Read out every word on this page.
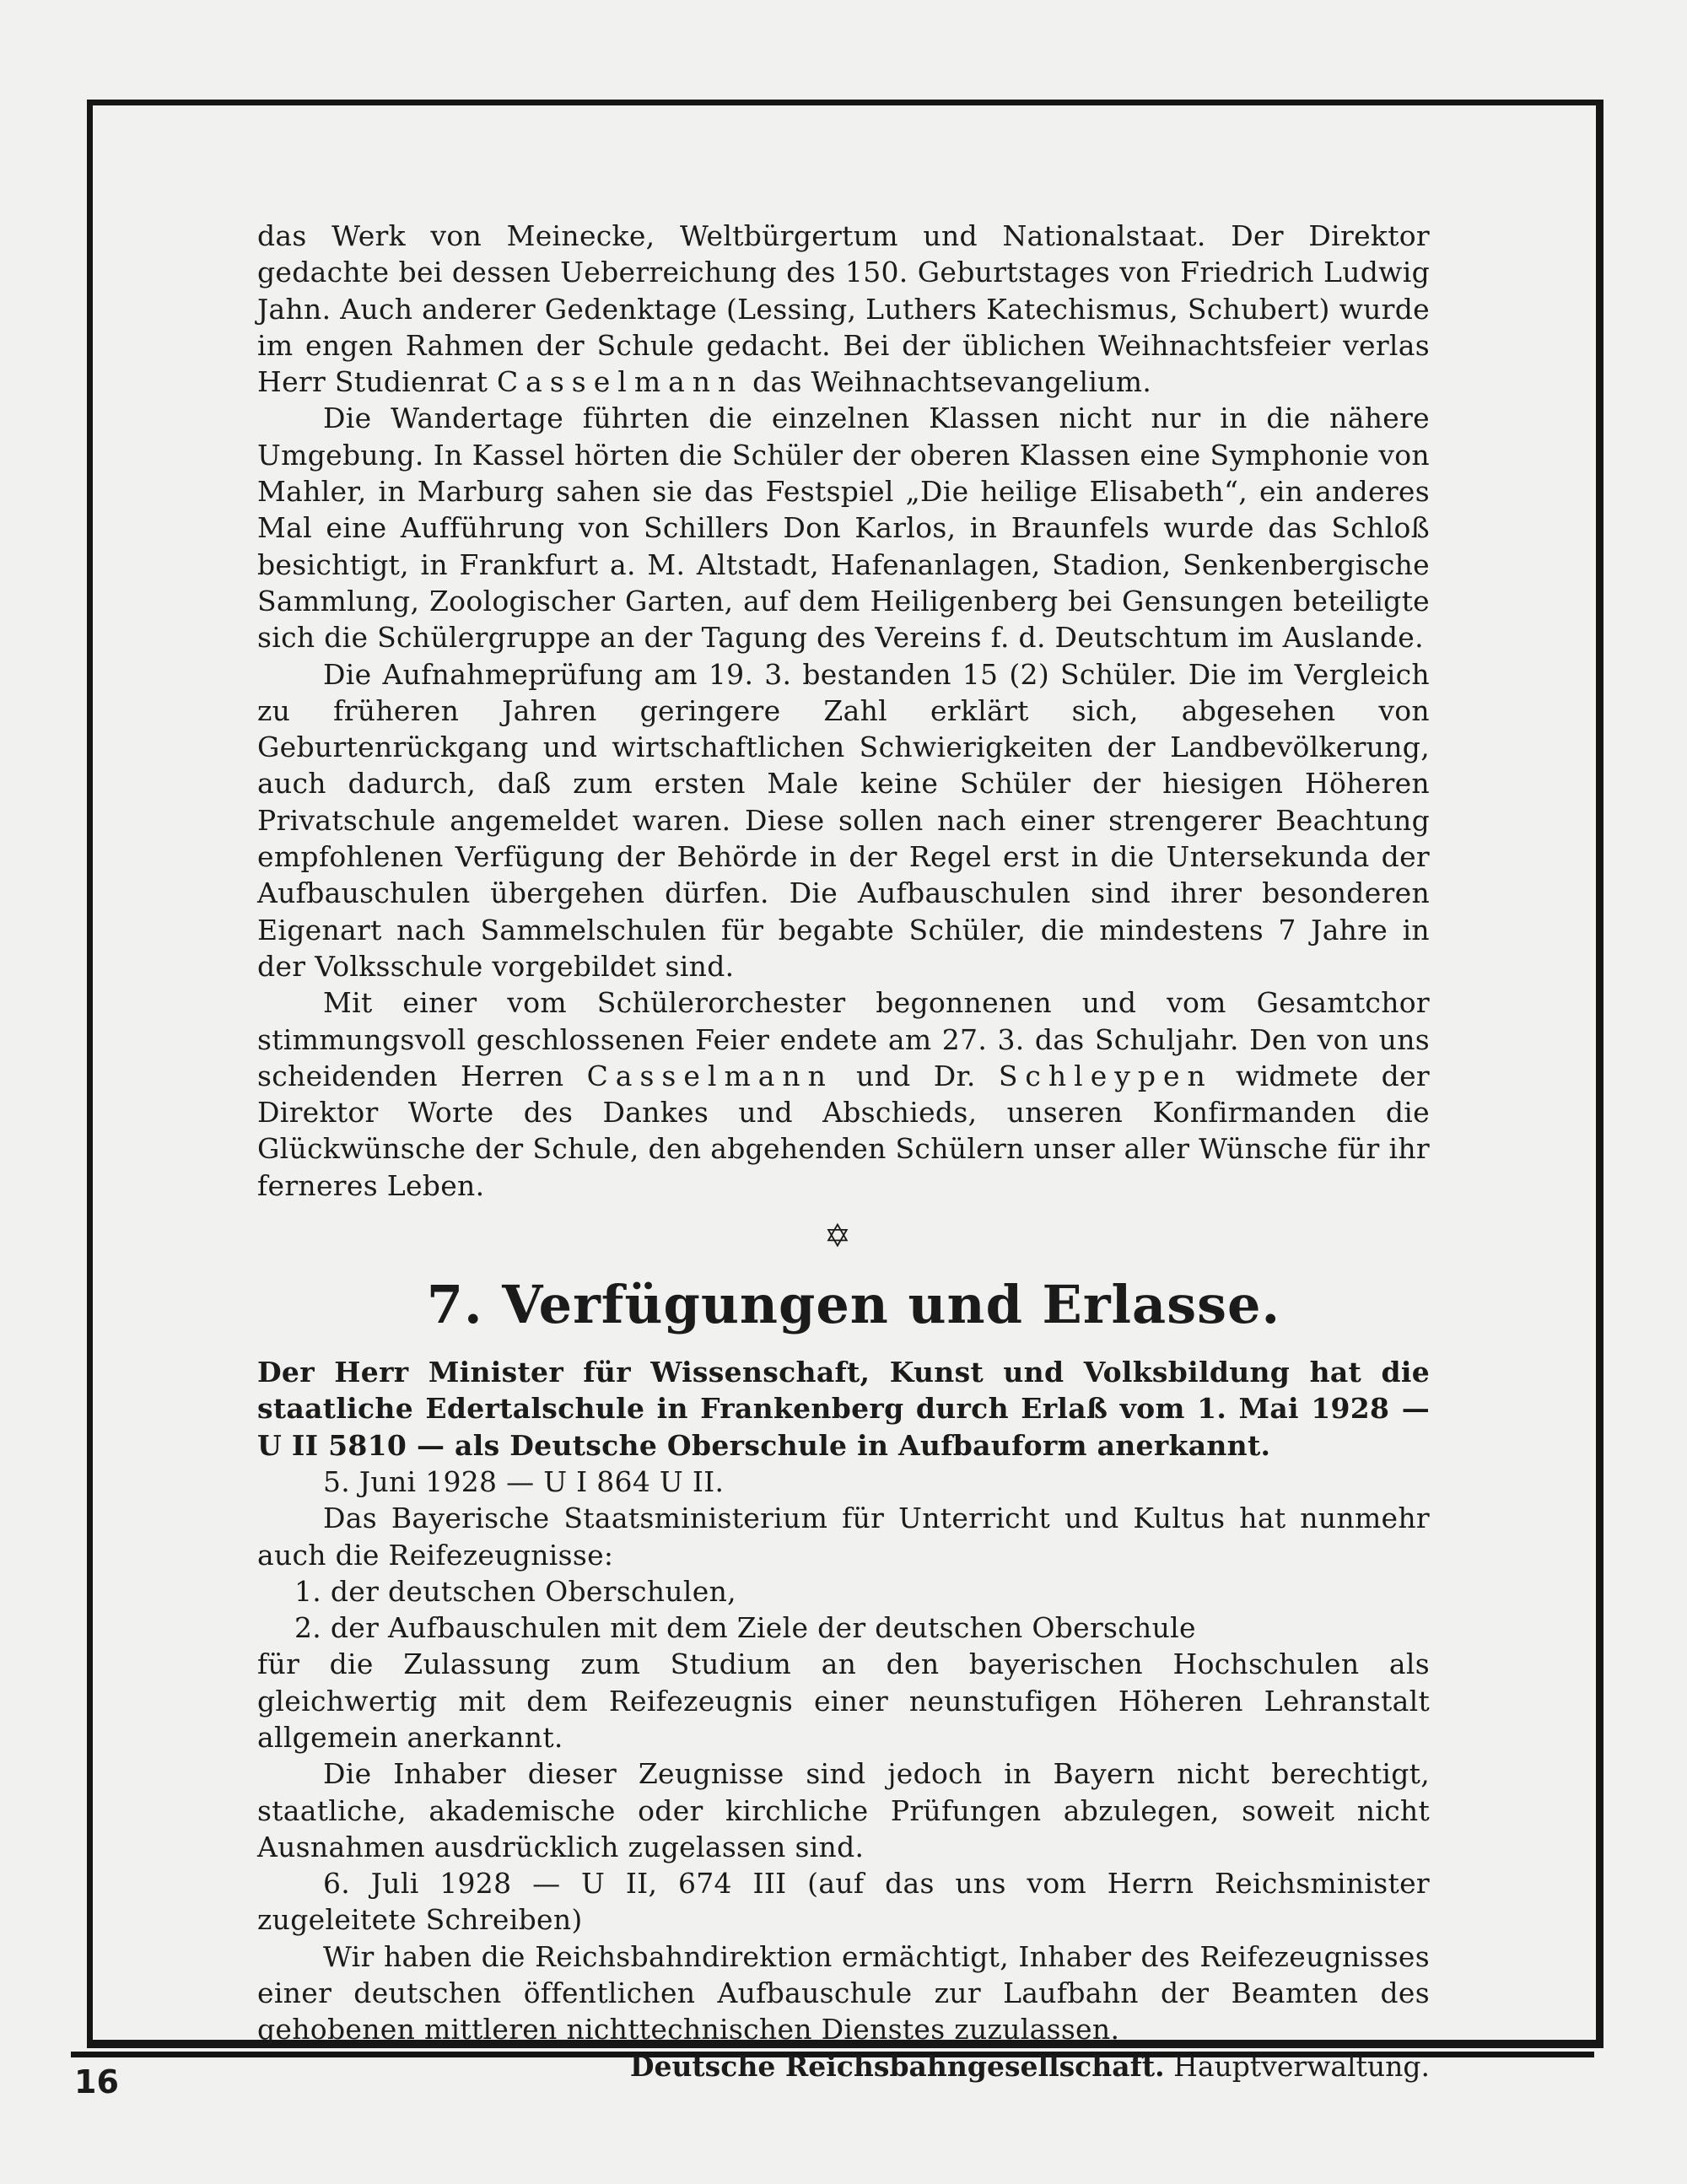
das Werk von Meinecke, Weltbürgertum und Nationalstaat. Der Direktor gedachte bei dessen Ueberreichung des 150. Geburtstages von Friedrich Ludwig Jahn. Auch anderer Gedenktage (Lessing, Luthers Katechismus, Schubert) wurde im engen Rahmen der Schule gedacht. Bei der üblichen Weihnachtsfeier verlas Herr Studienrat Casselmann das Weihnachtsevangelium.

Die Wandertage führten die einzelnen Klassen nicht nur in die nähere Umgebung. In Kassel hörten die Schüler der oberen Klassen eine Symphonie von Mahler, in Marburg sahen sie das Festspiel „Die heilige Elisabeth“, ein anderes Mal eine Aufführung von Schillers Don Karlos, in Braunfels wurde das Schloß besichtigt, in Frankfurt a. M. Altstadt, Hafenanlagen, Stadion, Senkenbergische Sammlung, Zoologischer Garten, auf dem Heiligenberg bei Gensungen beteiligte sich die Schülergruppe an der Tagung des Vereins f. d. Deutschtum im Auslande.

Die Aufnahmeprüfung am 19. 3. bestanden 15 (2) Schüler. Die im Vergleich zu früheren Jahren geringere Zahl erklärt sich, abgesehen von Geburtenrückgang und wirtschaftlichen Schwierigkeiten der Landbevölkerung, auch dadurch, daß zum ersten Male keine Schüler der hiesigen Höheren Privatschule angemeldet waren. Diese sollen nach einer strengerer Beachtung empfohlenen Verfügung der Behörde in der Regel erst in die Untersekunda der Aufbauschulen übergehen dürfen. Die Aufbauschulen sind ihrer besonderen Eigenart nach Sammelschulen für begabte Schüler, die mindestens 7 Jahre in der Volksschule vorgebildet sind.

Mit einer vom Schülerorchester begonnenen und vom Gesamtchor stimmungsvoll geschlossenen Feier endete am 27. 3. das Schuljahr. Den von uns scheidenden Herren Casselmann und Dr. Schleypen widmete der Direktor Worte des Dankes und Abschieds, unseren Konfirmanden die Glückwünsche der Schule, den abgehenden Schülern unser aller Wünsche für ihr ferneres Leben.

✡
7. Verfügungen und Erlasse.

Der Herr Minister für Wissenschaft, Kunst und Volksbildung hat die staatliche Edertalschule in Frankenberg durch Erlaß vom 1. Mai 1928 — U II 5810 — als Deutsche Oberschule in Aufbauform anerkannt.

5. Juni 1928 — U I 864 U II.

Das Bayerische Staatsministerium für Unterricht und Kultus hat nunmehr auch die Reifezeugnisse:

1. der deutschen Oberschulen,

2. der Aufbauschulen mit dem Ziele der deutschen Oberschule

für die Zulassung zum Studium an den bayerischen Hochschulen als gleichwertig mit dem Reifezeugnis einer neunstufigen Höheren Lehranstalt allgemein anerkannt.

Die Inhaber dieser Zeugnisse sind jedoch in Bayern nicht berechtigt, staatliche, akademische oder kirchliche Prüfungen abzulegen, soweit nicht Ausnahmen ausdrücklich zugelassen sind.

6. Juli 1928 — U II, 674 III (auf das uns vom Herrn Reichsminister zugeleitete Schreiben)

Wir haben die Reichsbahndirektion ermächtigt, Inhaber des Reifezeugnisses einer deutschen öffentlichen Aufbauschule zur Laufbahn der Beamten des gehobenen mittleren nichttechnischen Dienstes zuzulassen.

Deutsche Reichsbahngesellschaft. Hauptverwaltung.

16
